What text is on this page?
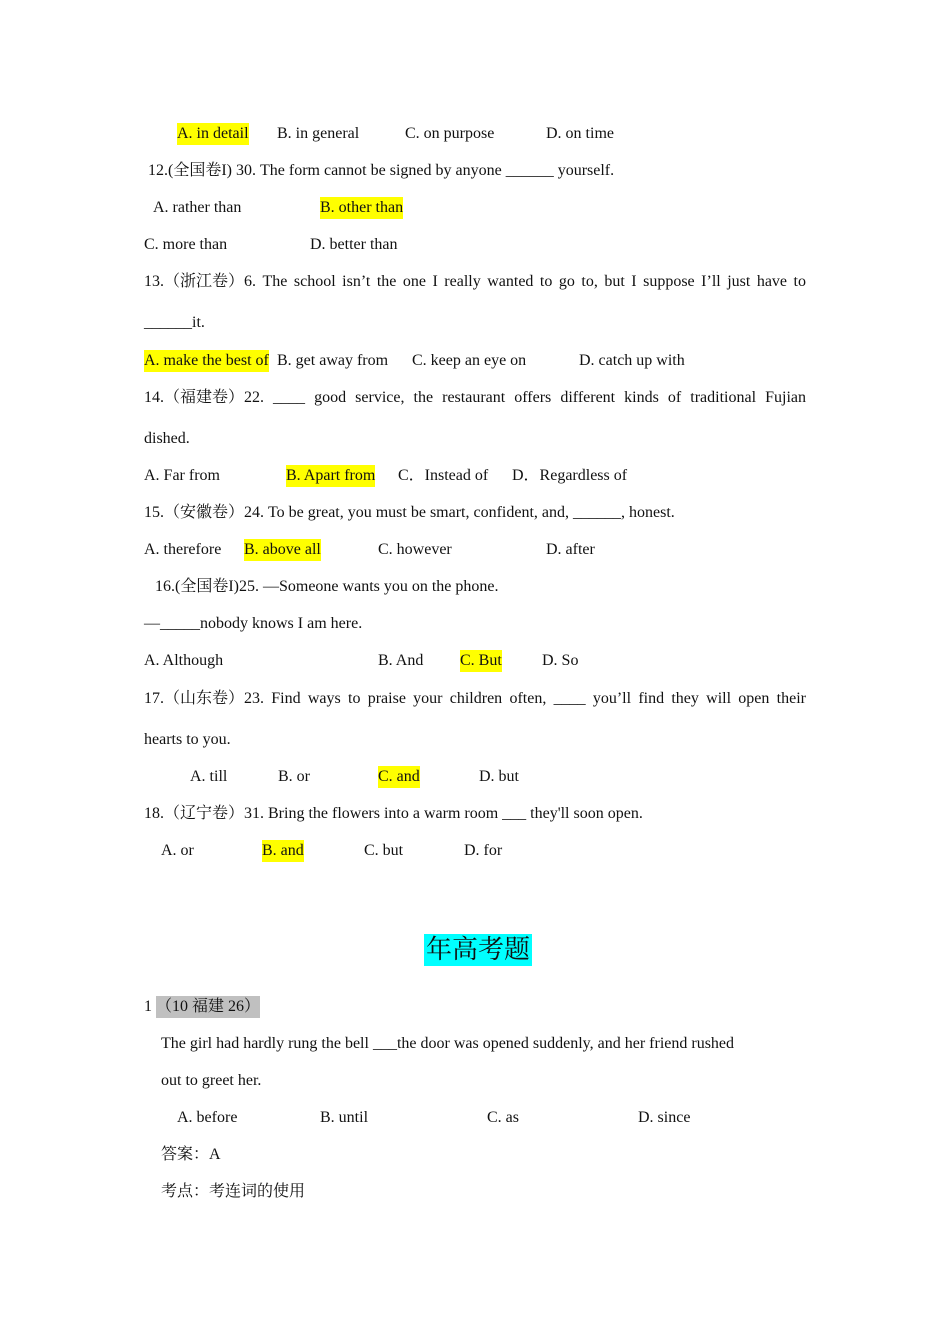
A. in detail B. in general	C. on purpose	D. on time
12.(全国卷I) 30. The form cannot be signed by anyone ______ yourself.
A. rather than	B. other than
C. more than	D. better than
13.（浙江卷）6. The school isn’t the one I really wanted to go to, but I suppose I’ll just have to
______it.
A. make the best of B. get away from C. keep an eye on	D. catch up with
14.（福建卷）22. ____ good service, the restaurant offers different kinds of traditional Fujian
dished.
A. Far from	B. Apart from C．Instead of D．Regardless of
15.（安徽卷）24. To be great, you must be smart, confident, and, ______, honest.
A. therefore B. above all	C. however	D. after
16.(全国卷I)25. —Someone wants you on the phone.
—_____nobody knows I am here.
A. Although	B. And C. But	D. So
17.（山东卷）23. Find ways to praise your children often, ____ you’ll find they will open their
hearts to you.
A. till	B. or	C. and	D. but
18.（辽宁卷）31. Bring the flowers into a warm room ___ they'll soon open.
A. or	B. and	C. but	D. for
年高考题
1 （10 福建 26）
The girl had hardly rung the bell ___the door was opened suddenly, and her friend rushed
out to greet her.
A. before	B. until	C. as	D. since
答案：A
考点：考连词的使用
